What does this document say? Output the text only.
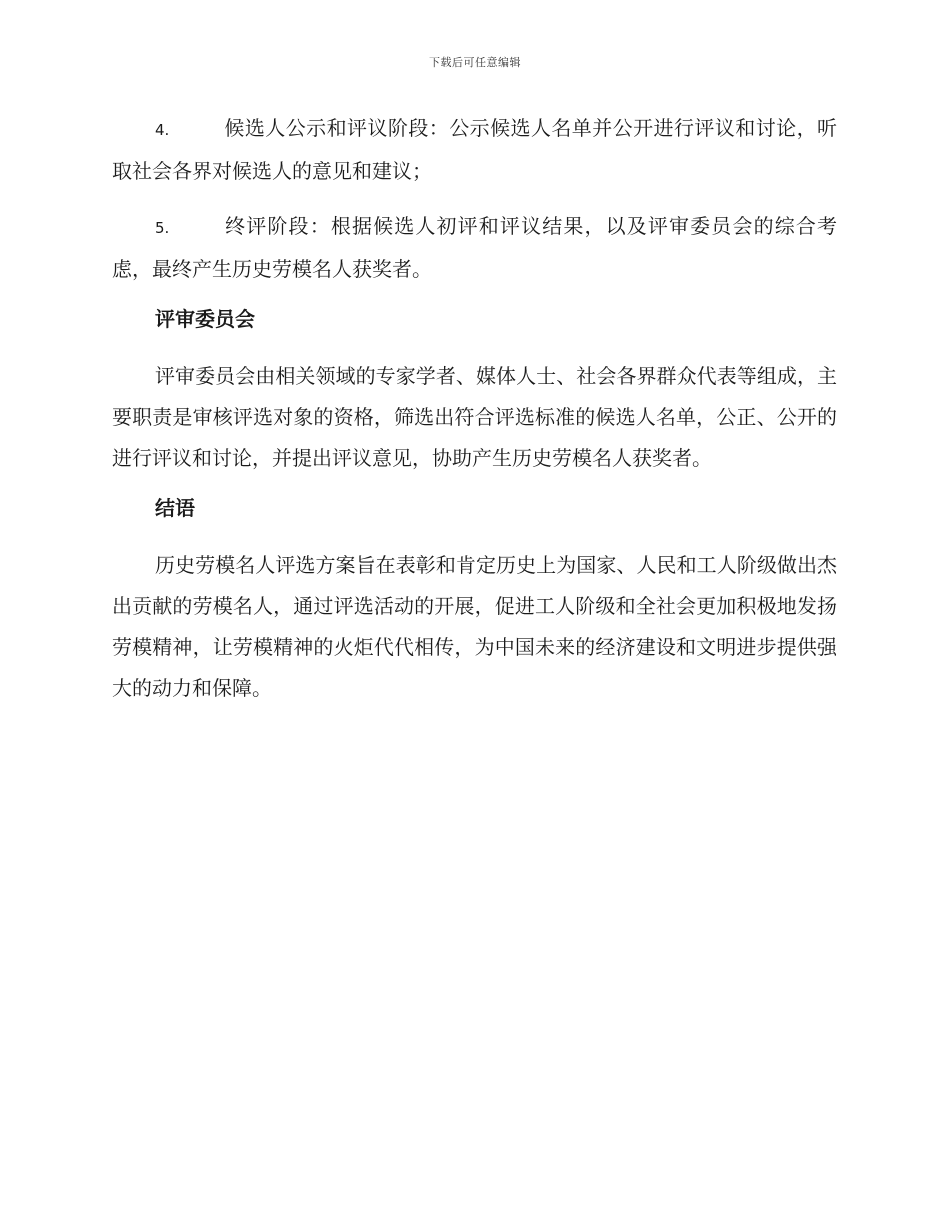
下载后可任意编辑

4.	候选人公示和评议阶段：公示候选人名单并公开进行评议和讨论，听取社会各界对候选人的意见和建议；

5.	终评阶段：根据候选人初评和评议结果，以及评审委员会的综合考虑，最终产生历史劳模名人获奖者。

评审委员会

评审委员会由相关领域的专家学者、媒体人士、社会各界群众代表等组成，主要职责是审核评选对象的资格，筛选出符合评选标准的候选人名单，公正、公开的进行评议和讨论，并提出评议意见，协助产生历史劳模名人获奖者。

结语

历史劳模名人评选方案旨在表彰和肯定历史上为国家、人民和工人阶级做出杰出贡献的劳模名人，通过评选活动的开展，促进工人阶级和全社会更加积极地发扬劳模精神，让劳模精神的火炬代代相传，为中国未来的经济建设和文明进步提供强大的动力和保障。
